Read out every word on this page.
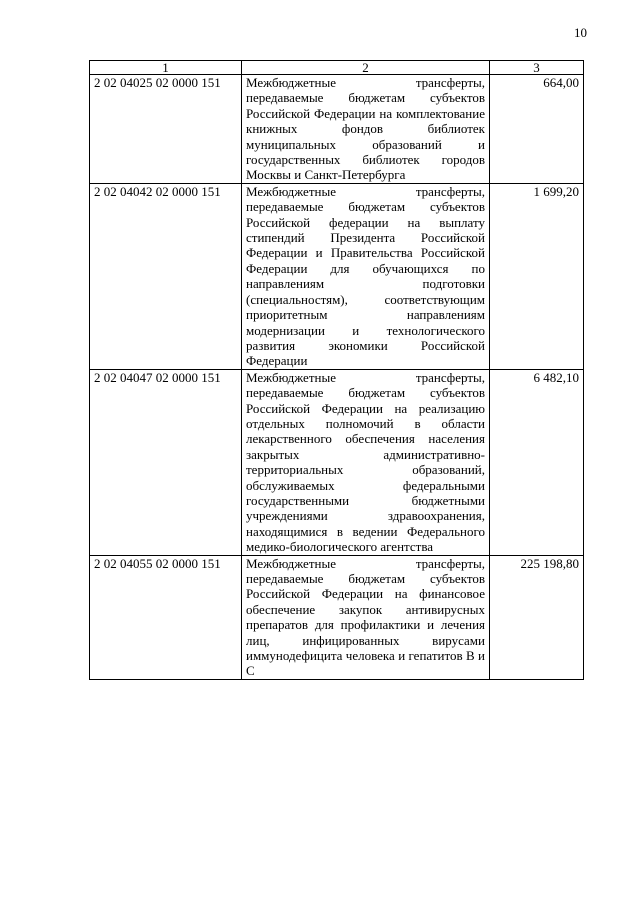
10
1	2	3
2 02 04025 02 0000 151	Межбюджетные трансферты, передаваемые бюджетам субъектов Российской Федерации на комплектование книжных фондов библиотек муниципальных образований и государственных библиотек городов Москвы и Санкт-Петербурга	664,00
2 02 04042 02 0000 151	Межбюджетные трансферты, передаваемые бюджетам субъектов Российской федерации на выплату стипендий Президента Российской Федерации и Правительства Российской Федерации для обучающихся по направлениям подготовки (специальностям), соответствующим приоритетным направлениям модернизации и технологического развития экономики Российской Федерации	1 699,20
2 02 04047 02 0000 151	Межбюджетные трансферты, передаваемые бюджетам субъектов Российской Федерации на реализацию отдельных полномочий в области лекарственного обеспечения населения закрытых административно-территориальных образований, обслуживаемых федеральными государственными бюджетными учреждениями здравоохранения, находящимися в ведении Федерального медико-биологического агентства	6 482,10
2 02 04055 02 0000 151	Межбюджетные трансферты, передаваемые бюджетам субъектов Российской Федерации на финансовое обеспечение закупок антивирусных препаратов для профилактики и лечения лиц, инфицированных вирусами иммунодефицита человека и гепатитов В и С	225 198,80
